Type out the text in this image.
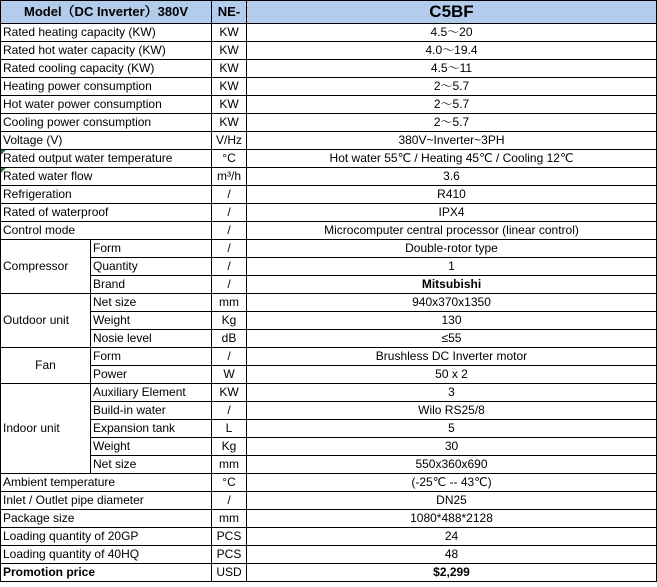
Model（DC Inverter）380V		NE-	C5BF
Rated heating capacity (KW)		KW	4.5～20
Rated hot water capacity (KW)		KW	4.0～19.4
Rated cooling capacity (KW)		KW	4.5～11
Heating power consumption		KW	2～5.7
Hot water power consumption		KW	2～5.7
Cooling power consumption		KW	2～5.7
Voltage (V)		V/Hz	380V~Inverter~3PH
Rated output water temperature		°C	Hot water 55℃ / Heating 45℃ / Cooling 12℃
Rated water flow		m³/h	3.6
Refrigeration		/	R410
Rated of waterproof		/	IPX4
Control mode		/	Microcomputer central processor (linear control)
Compressor	Form	/	Double-rotor type
	Quantity	/	1
	Brand	/	Mitsubishi
Outdoor unit	Net size	mm	940x370x1350
	Weight	Kg	130
	Nosie level	dB	≤55
Fan	Form	/	Brushless DC Inverter motor
	Power	W	50 x 2
Indoor unit	Auxiliary Element	KW	3
	Build-in water	/	Wilo RS25/8
	Expansion tank	L	5
	Weight	Kg	30
	Net size	mm	550x360x690
Ambient temperature		°C	(-25℃ -- 43℃)
Inlet / Outlet pipe diameter		/	DN25
Package size		mm	1080*488*2128
Loading quantity of 20GP		PCS	24
Loading quantity of 40HQ		PCS	48
Promotion price		USD	$2,299
